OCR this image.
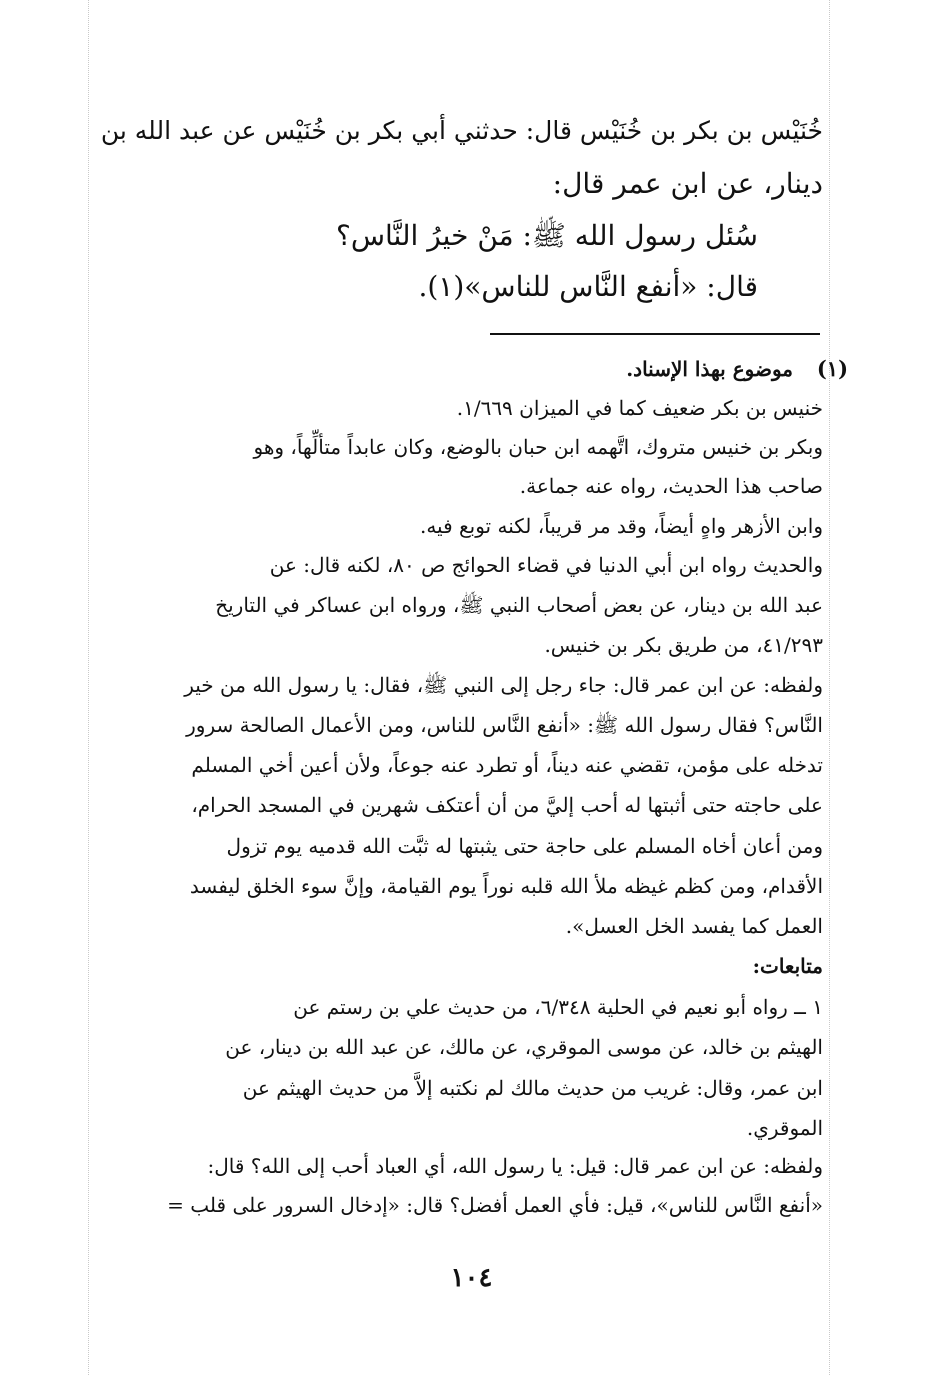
خُنَيْس بن بكر بن خُنَيْس قال: حدثني أبي بكر بن خُنَيْس عن عبد الله بن
دينار، عن ابن عمر قال:
سُئل رسول الله ﷺ: مَنْ خيرُ النَّاس؟
قال: «أنفع النَّاس للناس»(١).
(١)
موضوع بهذا الإسناد.
خنيس بن بكر ضعيف كما في الميزان ١/٦٦٩.
وبكر بن خنيس متروك، اتَّهمه ابن حبان بالوضع، وكان عابداً متألِّهاً، وهو
صاحب هذا الحديث، رواه عنه جماعة.
وابن الأزهر واهٍ أيضاً، وقد مر قريباً، لكنه توبع فيه.
والحديث رواه ابن أبي الدنيا في قضاء الحوائج ص ٨٠، لكنه قال: عن
عبد الله بن دينار، عن بعض أصحاب النبي ﷺ، ورواه ابن عساكر في التاريخ
٤١/٢٩٣، من طريق بكر بن خنيس.
ولفظه: عن ابن عمر قال: جاء رجل إلى النبي ﷺ، فقال: يا رسول الله من خير
النَّاس؟ فقال رسول الله ﷺ: «أنفع النَّاس للناس، ومن الأعمال الصالحة سرور
تدخله على مؤمن، تقضي عنه ديناً، أو تطرد عنه جوعاً، ولأن أعين أخي المسلم
على حاجته حتى أثبتها له أحب إليَّ من أن أعتكف شهرين في المسجد الحرام،
ومن أعان أخاه المسلم على حاجة حتى يثبتها له ثبَّت الله قدميه يوم تزول
الأقدام، ومن كظم غيظه ملأ الله قلبه نوراً يوم القيامة، وإنَّ سوء الخلق ليفسد
العمل كما يفسد الخل العسل».
متابعات:
١ ــ رواه أبو نعيم في الحلية ٦/٣٤٨، من حديث علي بن رستم عن
الهيثم بن خالد، عن موسى الموقري، عن مالك، عن عبد الله بن دينار، عن
ابن عمر، وقال: غريب من حديث مالك لم نكتبه إلاَّ من حديث الهيثم عن
الموقري.
ولفظه: عن ابن عمر قال: قيل: يا رسول الله، أي العباد أحب إلى الله؟ قال:
«أنفع النَّاس للناس»، قيل: فأي العمل أفضل؟ قال: «إدخال السرور على قلب =
١٠٤
